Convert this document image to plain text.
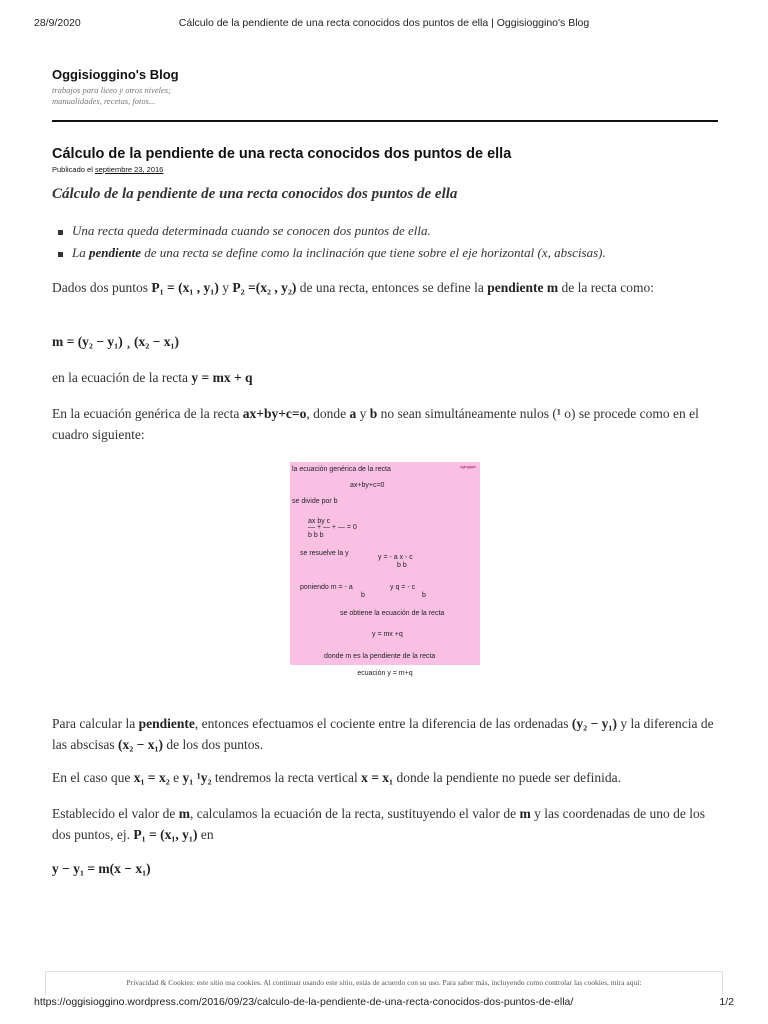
28/9/2020	Cálculo de la pendiente de una recta conocidos dos puntos de ella | Oggisioggino's Blog
Oggisioggino's Blog
trabajos para liceo y otros niveles; manualidades, recetas, fotos...
Cálculo de la pendiente de una recta conocidos dos puntos de ella
Publicado el septiembre 23, 2016
Cálculo de la pendiente de una recta conocidos dos puntos de ella
Una recta queda determinada cuando se conocen dos puntos de ella.
La pendiente de una recta se define como la inclinación que tiene sobre el eje horizontal (x, abscisas).
Dados dos puntos P₁ = (x₁ , y₁) y P₂ =(x₂ , y₂) de una recta, entonces se define la pendiente m de la recta como:
m = (y₂ − y₁) ¸ (x₂ − x₁)
en la ecuación de la recta y = mx + q
En la ecuación genérica de la recta ax+by+c=o, donde a y b no sean simultáneamente nulos (¹ o) se procede como en el cuadro siguiente:
la ecuación genérica de la recta	ogiogigio
ax+by+c=0
se divide por b
ax by c
— + — + — = 0
b b b
se resuelve la y
y = - a x - c
b b
poniendo m = - a
b
y q = - c
b
se obtiene la ecuación de la recta
y = mx +q
donde m es la pendiente de la recta
ecuación y = m+q
Para calcular la pendiente, entonces efectuamos el cociente entre la diferencia de las ordenadas (y₂ − y₁) y la diferencia de las abscisas (x₂ − x₁) de los dos puntos.
En el caso que x₁ = x₂ e y₁ ¹y₂ tendremos la recta vertical x = x₁ donde la pendiente no puede ser definida.
Establecido el valor de m, calculamos la ecuación de la recta, sustituyendo el valor de m y las coordenadas de uno de los dos puntos, ej. P₁ = (x₁, y₁) en
y − y₁ = m(x − x₁)
Privacidad & Cookies: este sitio usa cookies. Al continuar usando este sitio, estás de acuerdo con su uso. Para saber más, incluyendo como controlar las cookies, mira aquí:
https://oggisioggino.wordpress.com/2016/09/23/calculo-de-la-pendiente-de-una-recta-conocidos-dos-puntos-de-ella/	1/2
